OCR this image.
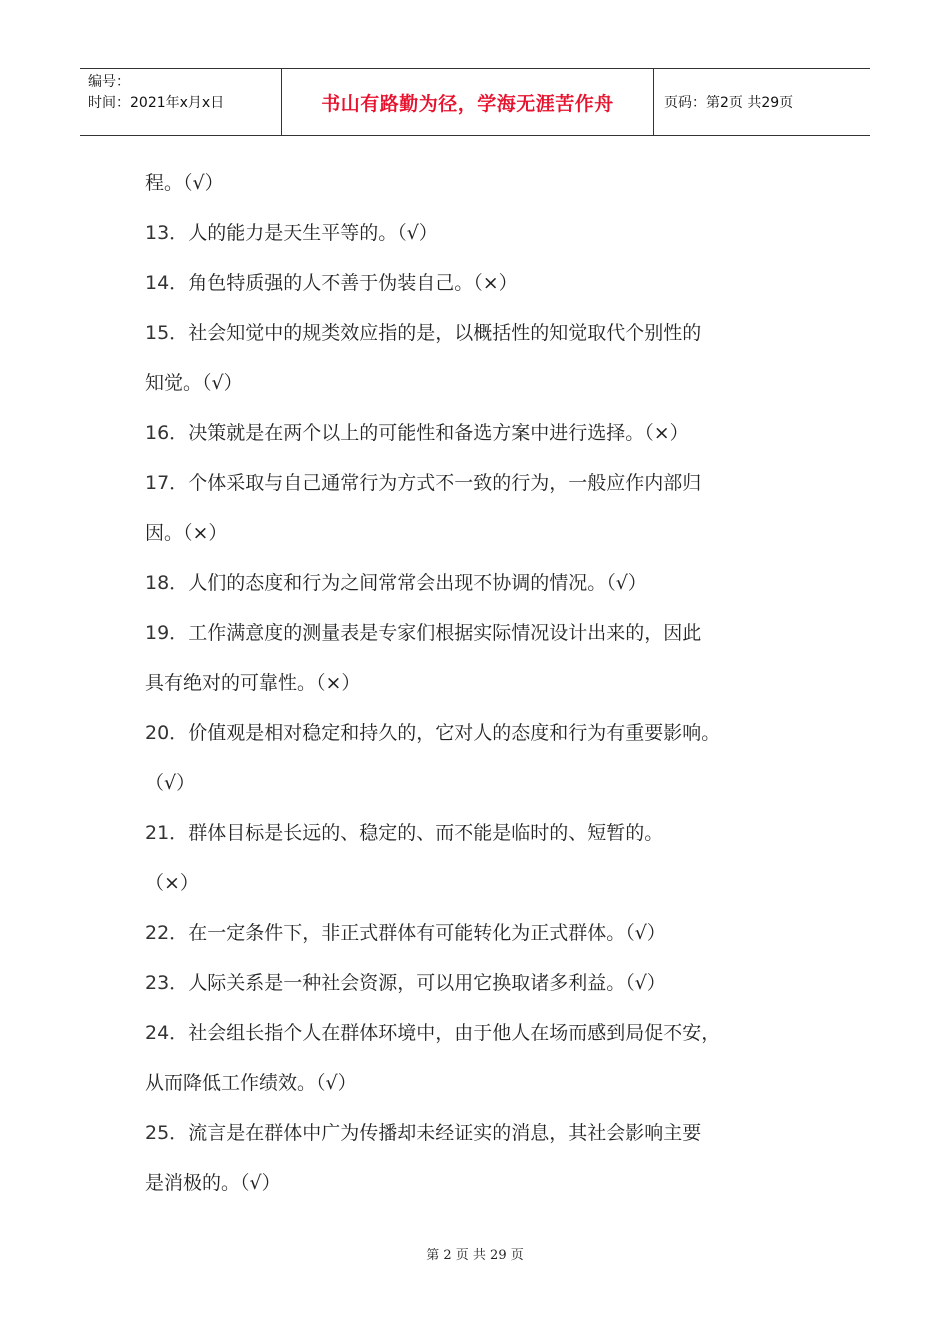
编号：
时间：2021年x月x日	书山有路勤为径，学海无涯苦作舟	页码：第2页 共29页
程。（√）
13．人的能力是天生平等的。（√）
14．角色特质强的人不善于伪装自己。（×）
15．社会知觉中的规类效应指的是，以概括性的知觉取代个别性的
知觉。（√）
16．决策就是在两个以上的可能性和备选方案中进行选择。（×）
17．个体采取与自己通常行为方式不一致的行为，一般应作内部归
因。（×）
18．人们的态度和行为之间常常会出现不协调的情况。（√）
19．工作满意度的测量表是专家们根据实际情况设计出来的，因此
具有绝对的可靠性。（×）
20．价值观是相对稳定和持久的，它对人的态度和行为有重要影响。
（√）
21．群体目标是长远的、稳定的、而不能是临时的、短暂的。
（×）
22．在一定条件下，非正式群体有可能转化为正式群体。（√）
23．人际关系是一种社会资源，可以用它换取诸多利益。（√）
24．社会组长指个人在群体环境中，由于他人在场而感到局促不安，
从而降低工作绩效。（√）
25．流言是在群体中广为传播却未经证实的消息，其社会影响主要
是消极的。（√）
第 2 页 共 29 页
